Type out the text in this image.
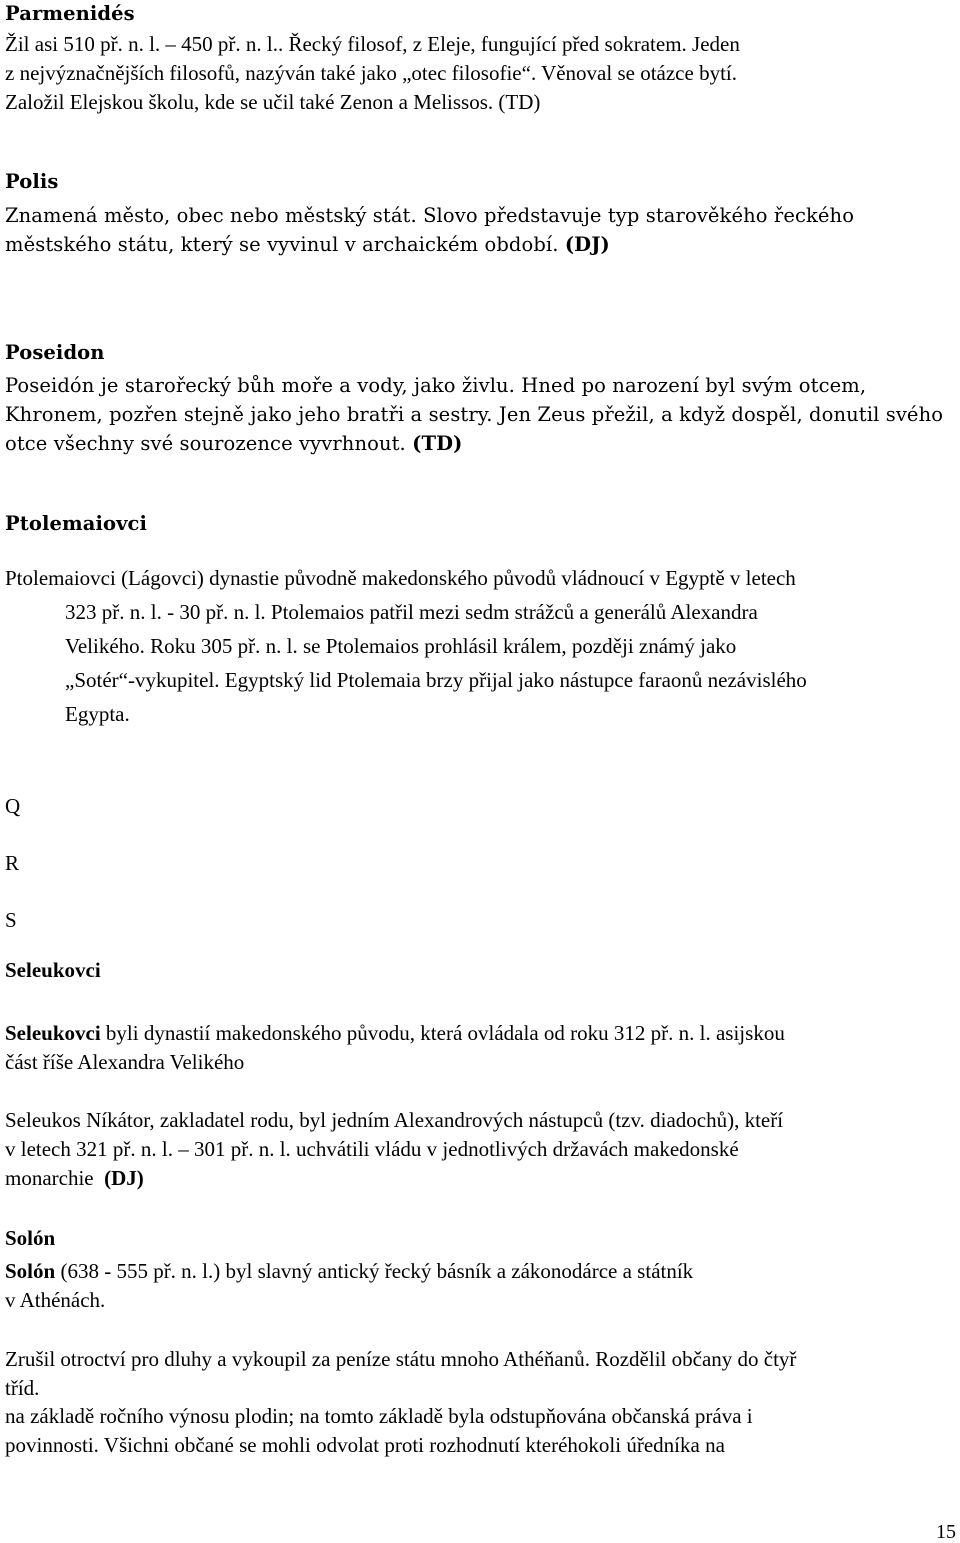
Parmenidés
Žil asi 510 př. n. l. – 450 př. n. l.. Řecký filosof, z Eleje, fungující před sokratem. Jeden
z nejvýznačnějších filosofů, nazýván také jako „otec filosofie“. Věnoval se otázce bytí.
Založil Elejskou školu, kde se učil také Zenon a Melissos. (TD)
Polis
Znamená město, obec nebo městský stát. Slovo představuje typ starověkého řeckého
městského státu, který se vyvinul v archaickém období. (DJ)
Poseidon
Poseidón je starořecký bůh moře a vody, jako živlu. Hned po narození byl svým otcem,
Khronem, pozřen stejně jako jeho bratři a sestry. Jen Zeus přežil, a když dospěl, donutil svého
otce všechny své sourozence vyvrhnout. (TD)
Ptolemaiovci
Ptolemaiovci (Lágovci) dynastie původně makedonského původů vládnoucí v Egyptě v letech
323 př. n. l. - 30 př. n. l. Ptolemaios patřil mezi sedm strážců a generálů Alexandra
Velikého. Roku 305 př. n. l. se Ptolemaios prohlásil králem, později známý jako
„Sotér“-vykupitel. Egyptský lid Ptolemaia brzy přijal jako nástupce faraonů nezávislého
Egypta.
Q
R
S
Seleukovci
Seleukovci byli dynastií makedonského původu, která ovládala od roku 312 př. n. l. asijskou
část říše Alexandra Velikého
Seleukos Níkátor, zakladatel rodu, byl jedním Alexandrových nástupců (tzv. diadochů), kteří
v letech 321 př. n. l. – 301 př. n. l. uchvátili vládu v jednotlivých državách makedonské
monarchie (DJ)
Solón
Solón (638 - 555 př. n. l.) byl slavný antický řecký básník a zákonodárce a státník
v Athénách.
Zrušil otroctví pro dluhy a vykoupil za peníze státu mnoho Athéňanů. Rozdělil občany do čtyř
tříd.
na základě ročního výnosu plodin; na tomto základě byla odstupňována občanská práva i
povinnosti. Všichni občané se mohli odvolat proti rozhodnutí kteréhokoli úředníka na
15
